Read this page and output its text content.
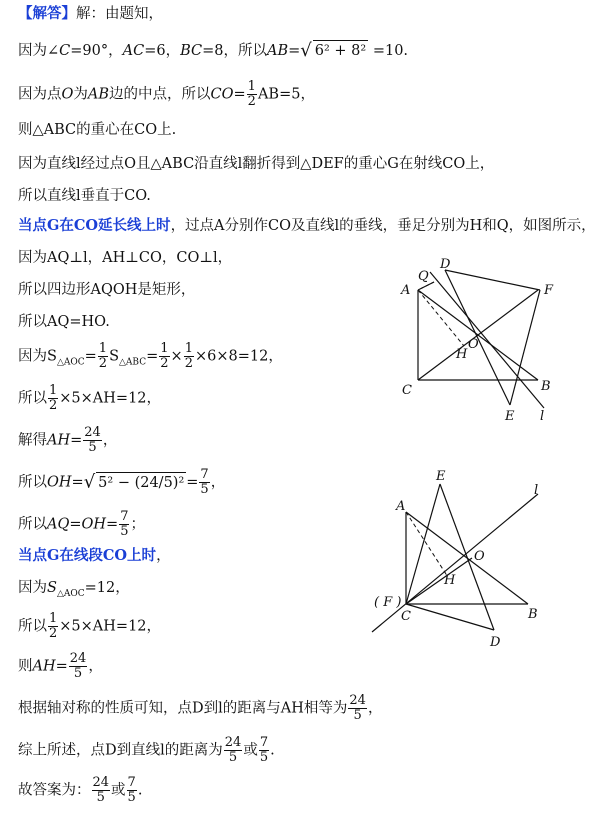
【解答】解：由题知，
因为∠C=90°，AC=6，BC=8，所以AB=√ 6² + 8² =10.
因为点O为AB边的中点，所以$CO= \frac{1}{2} AB=5$，
则△ABC的重心在CO上.
因为直线l经过点O且△ABC沿直线l翻折得到△DEF的重心G在射线CO上，
所以直线l垂直于CO.
当点G在CO延长线上时，过点A分别作CO及直线l的垂线，垂足分别为H和Q，如图所示，
因为AQ⊥l，AH⊥CO，CO⊥l，
所以四边形AQOH是矩形，
所以AQ=HO.
因为$S_{\triangle AOC}= \frac{1}{2} S_{\triangle ABC}= \frac{1}{2} \times \frac{1}{2} \times 6\times 8=12$，
所以 $\frac{1}{2} \times 5\times AH=12$，
解得$AH= \frac{24}{5}$ ，
所以OH=√ $5^2 - (24/5)^2 = \frac{7}{5}$ ，
所以$AQ=OH= \frac{7}{5}$ ；
当点G在线段CO上时，
因为$S_{\triangle AOC}=12$，
所以 $\frac{1}{2} \times 5\times AH=12$，
则$AH= \frac{24}{5}$ ，
根据轴对称的性质可知，点D到l的距离与AH相等为 $\frac{24}{5}$ ，
综上所述，点D到直线l的距离为 $\frac{24}{5}$ 或 $\frac{7}{5}$ .
故答案为： $\frac{24}{5}$ 或 $\frac{7}{5}$ .
Q
D
A	F
O
H
C	B
E l
E
l
A
O
H
( F )
C	B
D
